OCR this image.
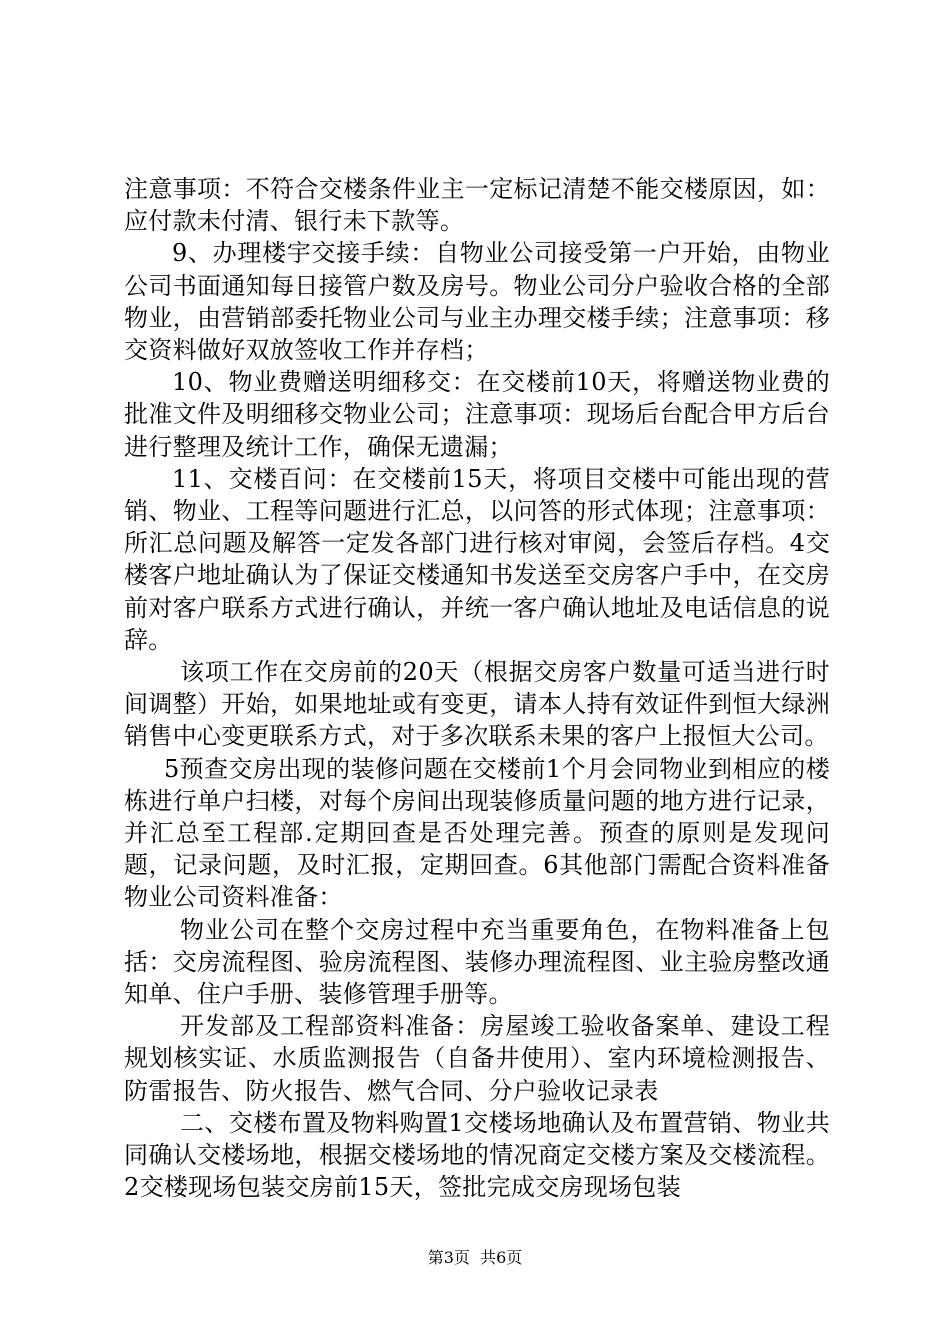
注意事项：不符合交楼条件业主一定标记清楚不能交楼原因，如：应付款未付清、银行未下款等。

9、办理楼宇交接手续：自物业公司接受第一户开始，由物业公司书面通知每日接管户数及房号。物业公司分户验收合格的全部物业，由营销部委托物业公司与业主办理交楼手续；注意事项：移交资料做好双放签收工作并存档；

10、物业费赠送明细移交：在交楼前10天，将赠送物业费的批准文件及明细移交物业公司；注意事项：现场后台配合甲方后台进行整理及统计工作，确保无遗漏；

11、交楼百问：在交楼前15天，将项目交楼中可能出现的营销、物业、工程等问题进行汇总，以问答的形式体现；注意事项：所汇总问题及解答一定发各部门进行核对审阅，会签后存档。4交楼客户地址确认为了保证交楼通知书发送至交房客户手中，在交房前对客户联系方式进行确认，并统一客户确认地址及电话信息的说辞。

该项工作在交房前的20天（根据交房客户数量可适当进行时间调整）开始，如果地址或有变更，请本人持有效证件到恒大绿洲销售中心变更联系方式，对于多次联系未果的客户上报恒大公司。

5预查交房出现的装修问题在交楼前1个月会同物业到相应的楼栋进行单户扫楼，对每个房间出现装修质量问题的地方进行记录，并汇总至工程部.定期回查是否处理完善。预查的原则是发现问题，记录问题，及时汇报，定期回查。6其他部门需配合资料准备物业公司资料准备：

物业公司在整个交房过程中充当重要角色，在物料准备上包括：交房流程图、验房流程图、装修办理流程图、业主验房整改通知单、住户手册、装修管理手册等。

开发部及工程部资料准备：房屋竣工验收备案单、建设工程规划核实证、水质监测报告（自备井使用）、室内环境检测报告、防雷报告、防火报告、燃气合同、分户验收记录表

二、交楼布置及物料购置1交楼场地确认及布置营销、物业共同确认交楼场地，根据交楼场地的情况商定交楼方案及交楼流程。2交楼现场包装交房前15天，签批完成交房现场包装

第3页  共6页
